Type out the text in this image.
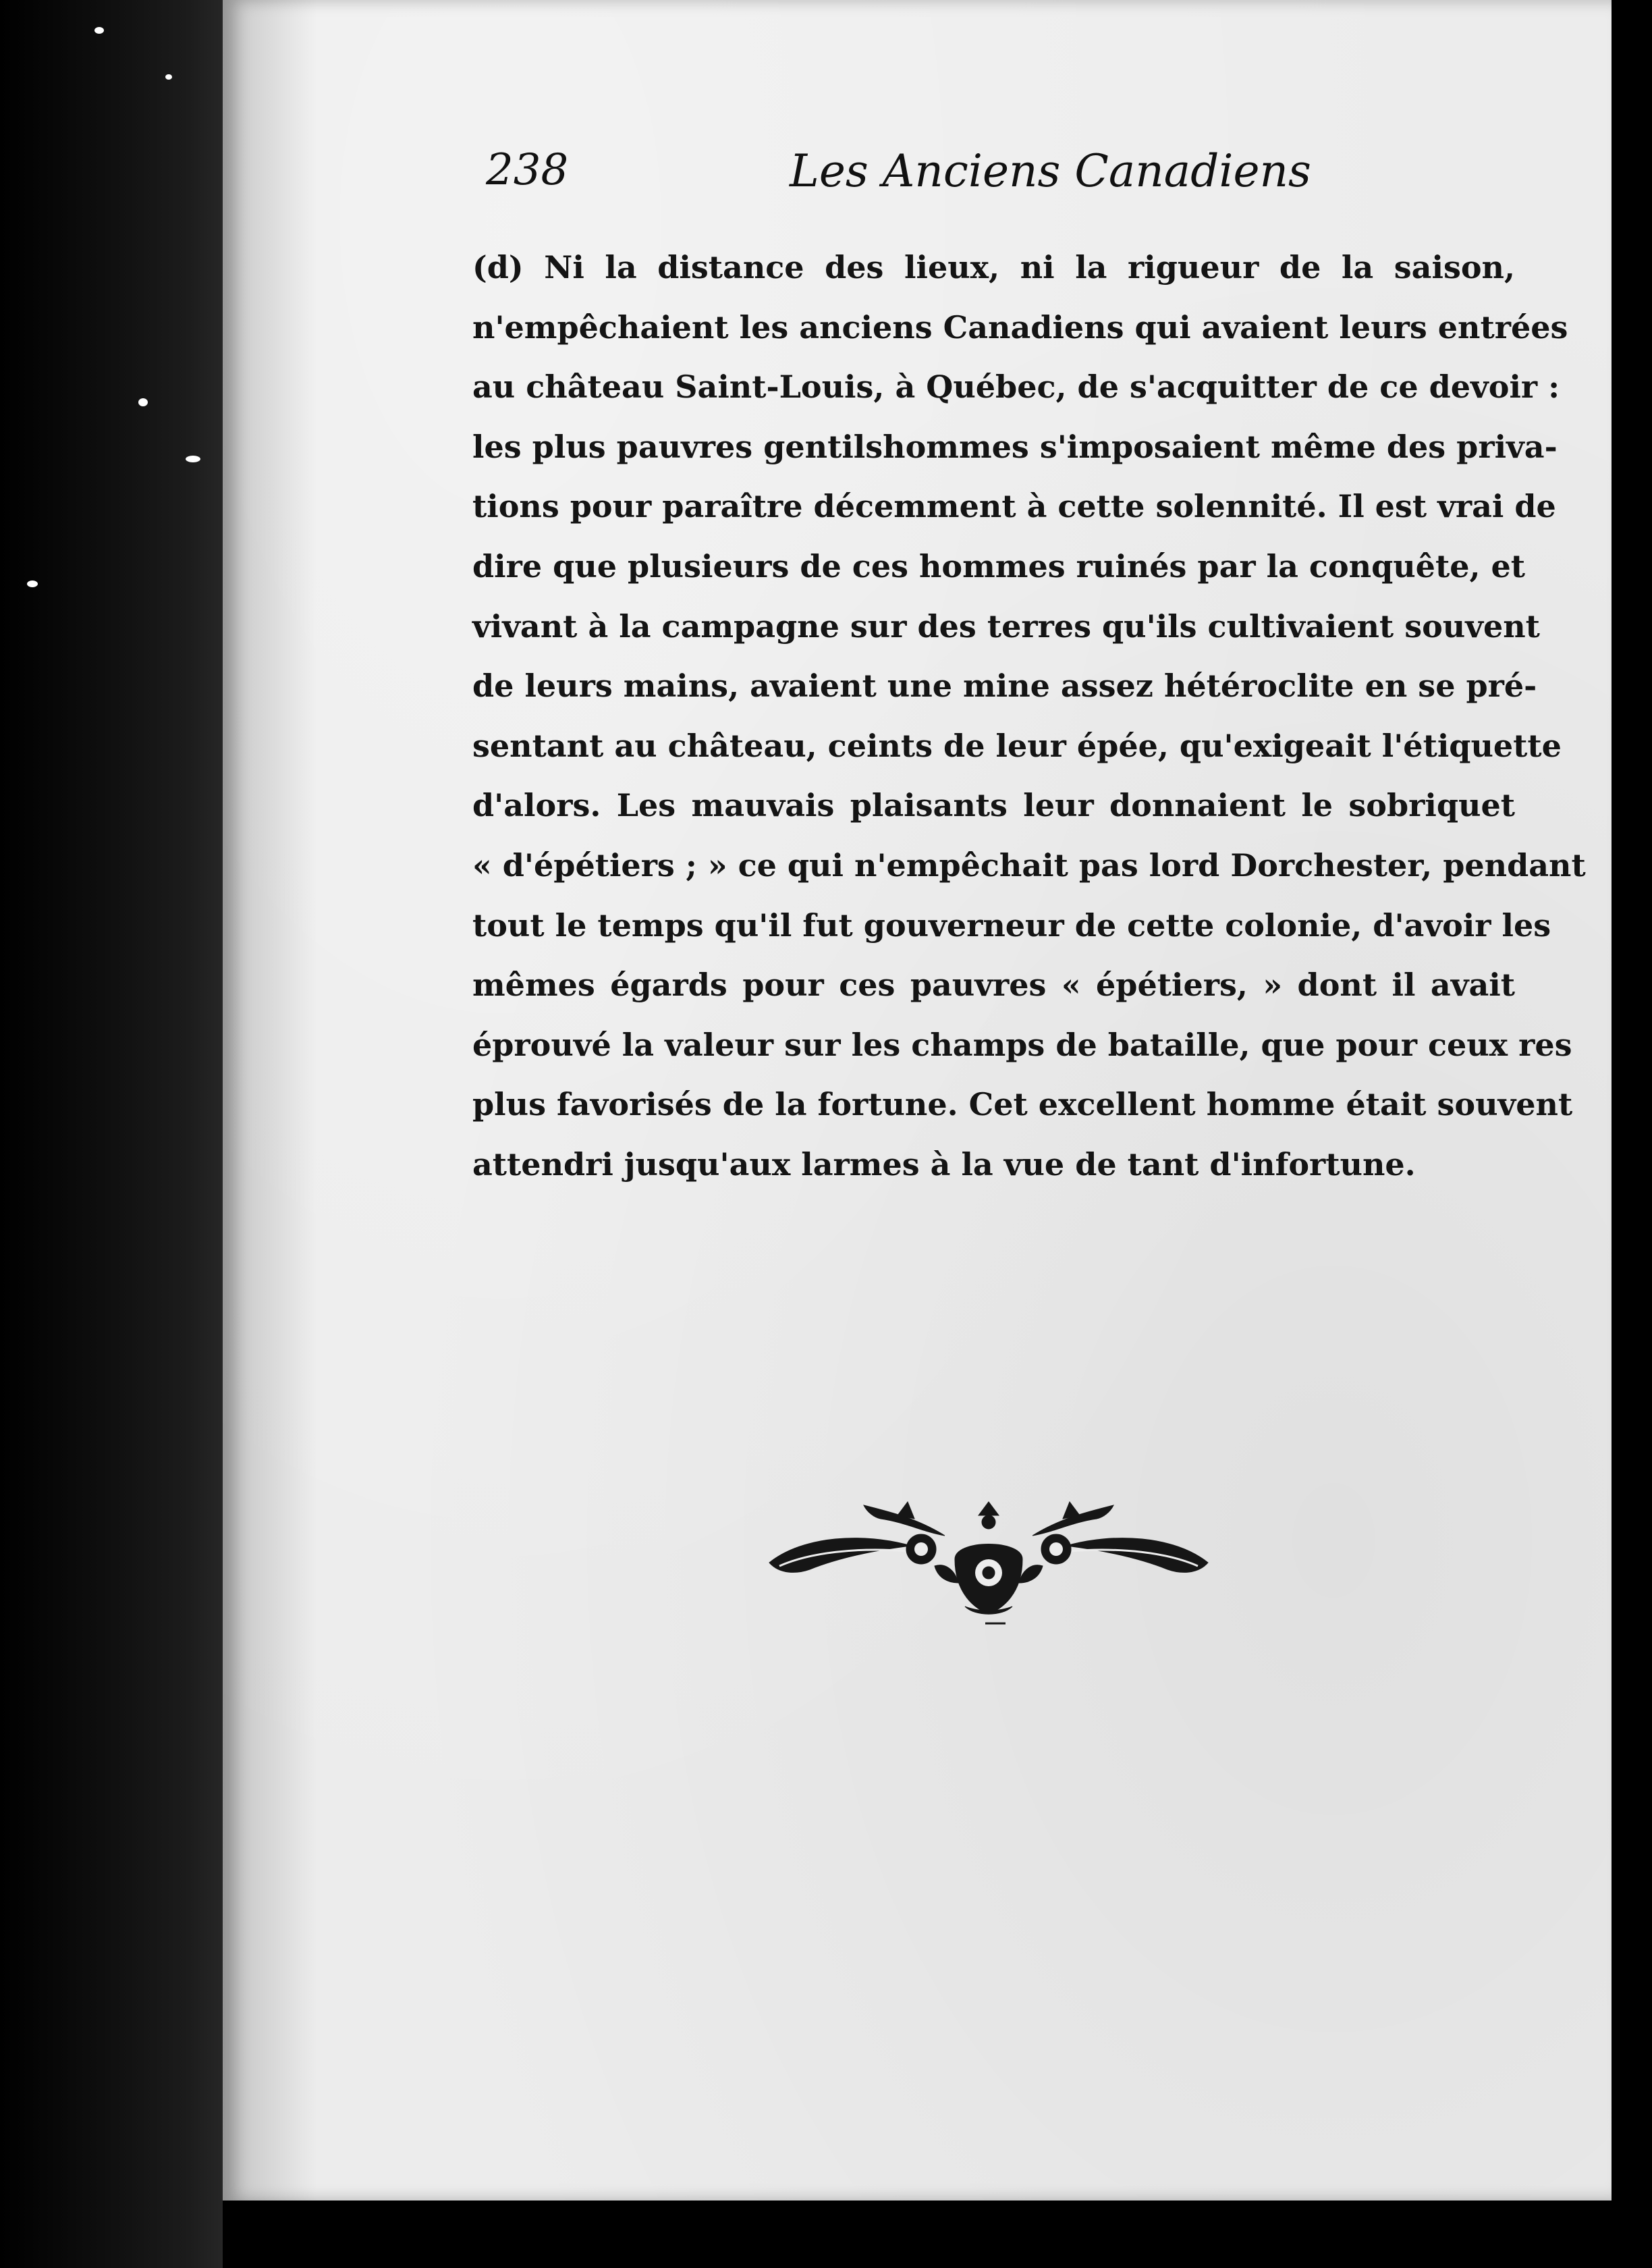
238	Les Anciens Canadiens
(d) Ni la distance des lieux, ni la rigueur de la saison,
n'empêchaient les anciens Canadiens qui avaient leurs entrées
au château Saint-Louis, à Québec, de s'acquitter de ce devoir :
les plus pauvres gentilshommes s'imposaient même des priva-
tions pour paraître décemment à cette solennité. Il est vrai de
dire que plusieurs de ces hommes ruinés par la conquête, et
vivant à la campagne sur des terres qu'ils cultivaient souvent
de leurs mains, avaient une mine assez hétéroclite en se pré-
sentant au château, ceints de leur épée, qu'exigeait l'étiquette
d'alors. Les mauvais plaisants leur donnaient le sobriquet
« d'épétiers ; » ce qui n'empêchait pas lord Dorchester, pendant
tout le temps qu'il fut gouverneur de cette colonie, d'avoir les
mêmes égards pour ces pauvres « épétiers, » dont il avait
éprouvé la valeur sur les champs de bataille, que pour ceux res
plus favorisés de la fortune. Cet excellent homme était souvent
attendri jusqu'aux larmes à la vue de tant d'infortune.
